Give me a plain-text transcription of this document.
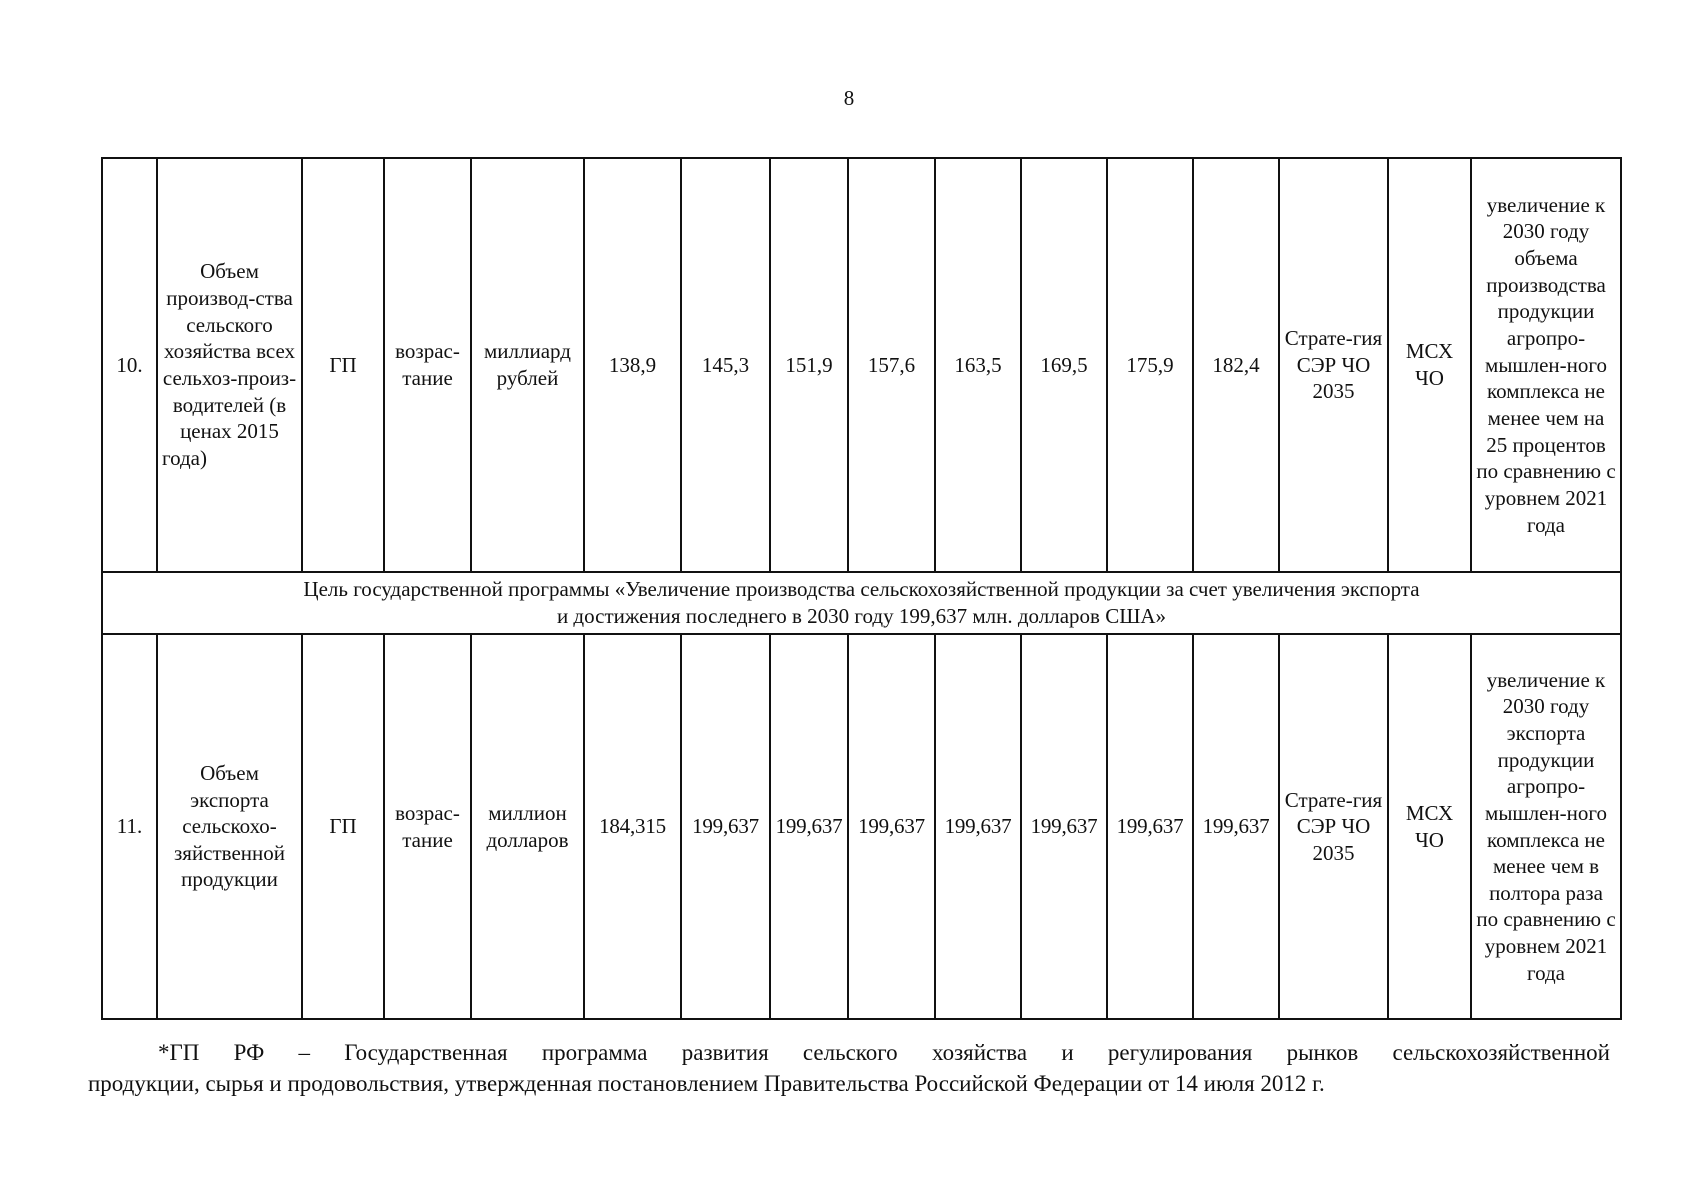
8
10.	Объем производ-ства сельского хозяйства всех сельхоз-произ-водителей (в ценах 2015 года)	ГП	возрас-тание	миллиард рублей	138,9	145,3	151,9	157,6	163,5	169,5	175,9	182,4	Страте-гия СЭР ЧО 2035	МСХ ЧО	увеличение к 2030 году объема производства продукции агропро-мышлен-ного комплекса не менее чем на 25 процентов по сравнению с уровнем 2021 года
Цель государственной программы «Увеличение производства сельскохозяйственной продукции за счет увеличения экспорта
и достижения последнего в 2030 году 199,637 млн. долларов США»															
11.	Объем экспорта сельскохо-зяйственной продукции	ГП	возрас-тание	миллион долларов	184,315	199,637	199,637	199,637	199,637	199,637	199,637	199,637	Страте-гия СЭР ЧО 2035	МСХ ЧО	увеличение к 2030 году экспорта продукции агропро-мышлен-ного комплекса не менее чем в полтора раза по сравнению с уровнем 2021 года
*ГП РФ – Государственная программа развития сельского хозяйства и регулирования рынков сельскохозяйственной
продукции, сырья и продовольствия, утвержденная постановлением Правительства Российской Федерации от 14 июля 2012 г.
